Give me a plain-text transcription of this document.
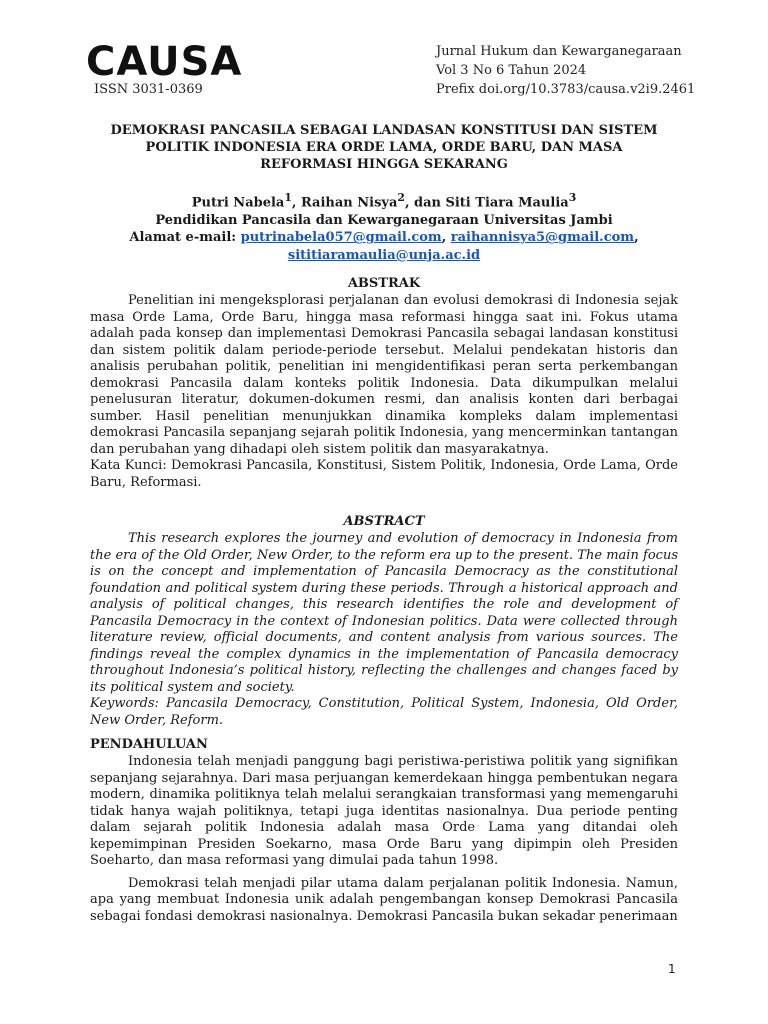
CAUSA
ISSN 3031-0369
Jurnal Hukum dan Kewarganegaraan
Vol 3 No 6 Tahun 2024
Prefix doi.org/10.3783/causa.v2i9.2461
DEMOKRASI PANCASILA SEBAGAI LANDASAN KONSTITUSI DAN SISTEM
POLITIK INDONESIA ERA ORDE LAMA, ORDE BARU, DAN MASA
REFORMASI HINGGA SEKARANG
Putri Nabela$^1$, Raihan Nisya$^2$, dan Siti Tiara Maulia$^3$
Pendidikan Pancasila dan Kewarganegaraan Universitas Jambi
Alamat e-mail: putrinabela057@gmail.com, raihannisya5@gmail.com,
sititiaramaulia@unja.ac.id
ABSTRAK

Penelitian ini mengeksplorasi perjalanan dan evolusi demokrasi di Indonesia sejak masa Orde Lama, Orde Baru, hingga masa reformasi hingga saat ini. Fokus utama adalah pada konsep dan implementasi Demokrasi Pancasila sebagai landasan konstitusi dan sistem politik dalam periode-periode tersebut. Melalui pendekatan historis dan analisis perubahan politik, penelitian ini mengidentifikasi peran serta perkembangan demokrasi Pancasila dalam konteks politik Indonesia. Data dikumpulkan melalui penelusuran literatur, dokumen-dokumen resmi, dan analisis konten dari berbagai sumber. Hasil penelitian menunjukkan dinamika kompleks dalam implementasi demokrasi Pancasila sepanjang sejarah politik Indonesia, yang mencerminkan tantangan dan perubahan yang dihadapi oleh sistem politik dan masyarakatnya.

Kata Kunci: Demokrasi Pancasila, Konstitusi, Sistem Politik, Indonesia, Orde Lama, Orde Baru, Reformasi.

ABSTRACT

This research explores the journey and evolution of democracy in Indonesia from the era of the Old Order, New Order, to the reform era up to the present. The main focus is on the concept and implementation of Pancasila Democracy as the constitutional foundation and political system during these periods. Through a historical approach and analysis of political changes, this research identifies the role and development of Pancasila Democracy in the context of Indonesian politics. Data were collected through literature review, official documents, and content analysis from various sources. The findings reveal the complex dynamics in the implementation of Pancasila democracy throughout Indonesia’s political history, reflecting the challenges and changes faced by its political system and society.

Keywords: Pancasila Democracy, Constitution, Political System, Indonesia, Old Order, New Order, Reform.

PENDAHULUAN

Indonesia telah menjadi panggung bagi peristiwa-peristiwa politik yang signifikan sepanjang sejarahnya. Dari masa perjuangan kemerdekaan hingga pembentukan negara modern, dinamika politiknya telah melalui serangkaian transformasi yang memengaruhi tidak hanya wajah politiknya, tetapi juga identitas nasionalnya. Dua periode penting dalam sejarah politik Indonesia adalah masa Orde Lama yang ditandai oleh kepemimpinan Presiden Soekarno, masa Orde Baru yang dipimpin oleh Presiden Soeharto, dan masa reformasi yang dimulai pada tahun 1998.

Demokrasi telah menjadi pilar utama dalam perjalanan politik Indonesia. Namun, apa yang membuat Indonesia unik adalah pengembangan konsep Demokrasi Pancasila sebagai fondasi demokrasi nasionalnya. Demokrasi Pancasila bukan sekadar penerimaan

1
